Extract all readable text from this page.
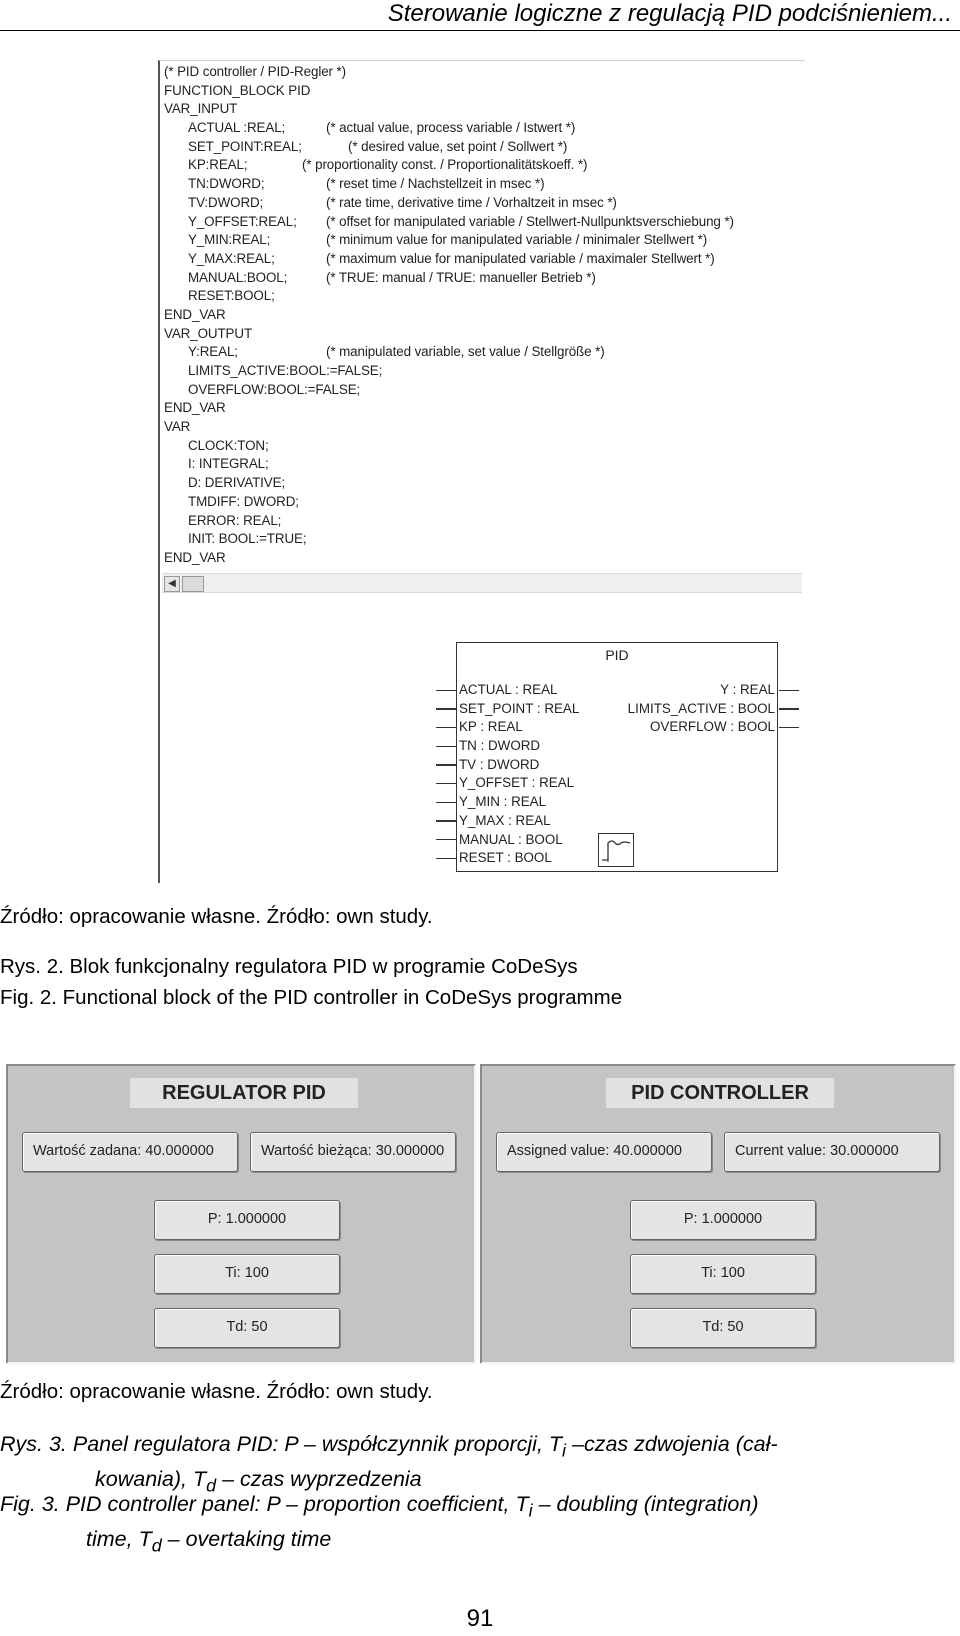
Sterowanie logiczne z regulacją PID podciśnieniem...
(* PID controller / PID-Regler *)
FUNCTION_BLOCK PID
VAR_INPUT
ACTUAL :REAL;	(* actual value, process variable / Istwert *)
SET_POINT:REAL;	(* desired value, set point / Sollwert *)
KP:REAL;	(* proportionality const. / Proportionalitätskoeff. *)
TN:DWORD;	(* reset time / Nachstellzeit in msec *)
TV:DWORD;	(* rate time, derivative time / Vorhaltzeit in msec *)
Y_OFFSET:REAL; (* offset for manipulated variable / Stellwert-Nullpunktsverschiebung *)
Y_MIN:REAL;	(* minimum value for manipulated variable / minimaler Stellwert *)
Y_MAX:REAL;	(* maximum value for manipulated variable / maximaler Stellwert *)
MANUAL:BOOL;	(* TRUE: manual / TRUE: manueller Betrieb *)
RESET:BOOL;
END_VAR
VAR_OUTPUT
Y:REAL;	(* manipulated variable, set value / Stellgröße *)
LIMITS_ACTIVE:BOOL:=FALSE;
OVERFLOW:BOOL:=FALSE;
END_VAR
VAR
CLOCK:TON;
I: INTEGRAL;
D: DERIVATIVE;
TMDIFF: DWORD;
ERROR: REAL;
INIT: BOOL:=TRUE;
END_VAR
◀
PID
ACTUAL : REAL
SET_POINT : REAL
KP : REAL
TN : DWORD
TV : DWORD
Y_OFFSET : REAL
Y_MIN : REAL
Y_MAX : REAL
MANUAL : BOOL
RESET : BOOL
Y : REAL
LIMITS_ACTIVE : BOOL
OVERFLOW : BOOL
Źródło: opracowanie własne. Źródło: own study.
Rys. 2. Blok funkcjonalny regulatora PID w programie CoDeSys
Fig. 2. Functional block of the PID controller in CoDeSys programme
REGULATOR PID
Wartość zadana: 40.000000	Wartość bieżąca: 30.000000
P: 1.000000
Ti: 100
Td: 50
PID CONTROLLER
Assigned value: 40.000000	Current value: 30.000000
P: 1.000000
Ti: 100
Td: 50
Źródło: opracowanie własne. Źródło: own study.
Rys. 3. Panel regulatora PID: P – współczynnik proporcji, $T_i$ –czas zdwojenia (cał-
kowania), $T_d$ – czas wyprzedzenia
Fig. 3. PID controller panel: P – proportion coefficient, $T_i$ – doubling (integration)
time, $T_d$ – overtaking time
91
